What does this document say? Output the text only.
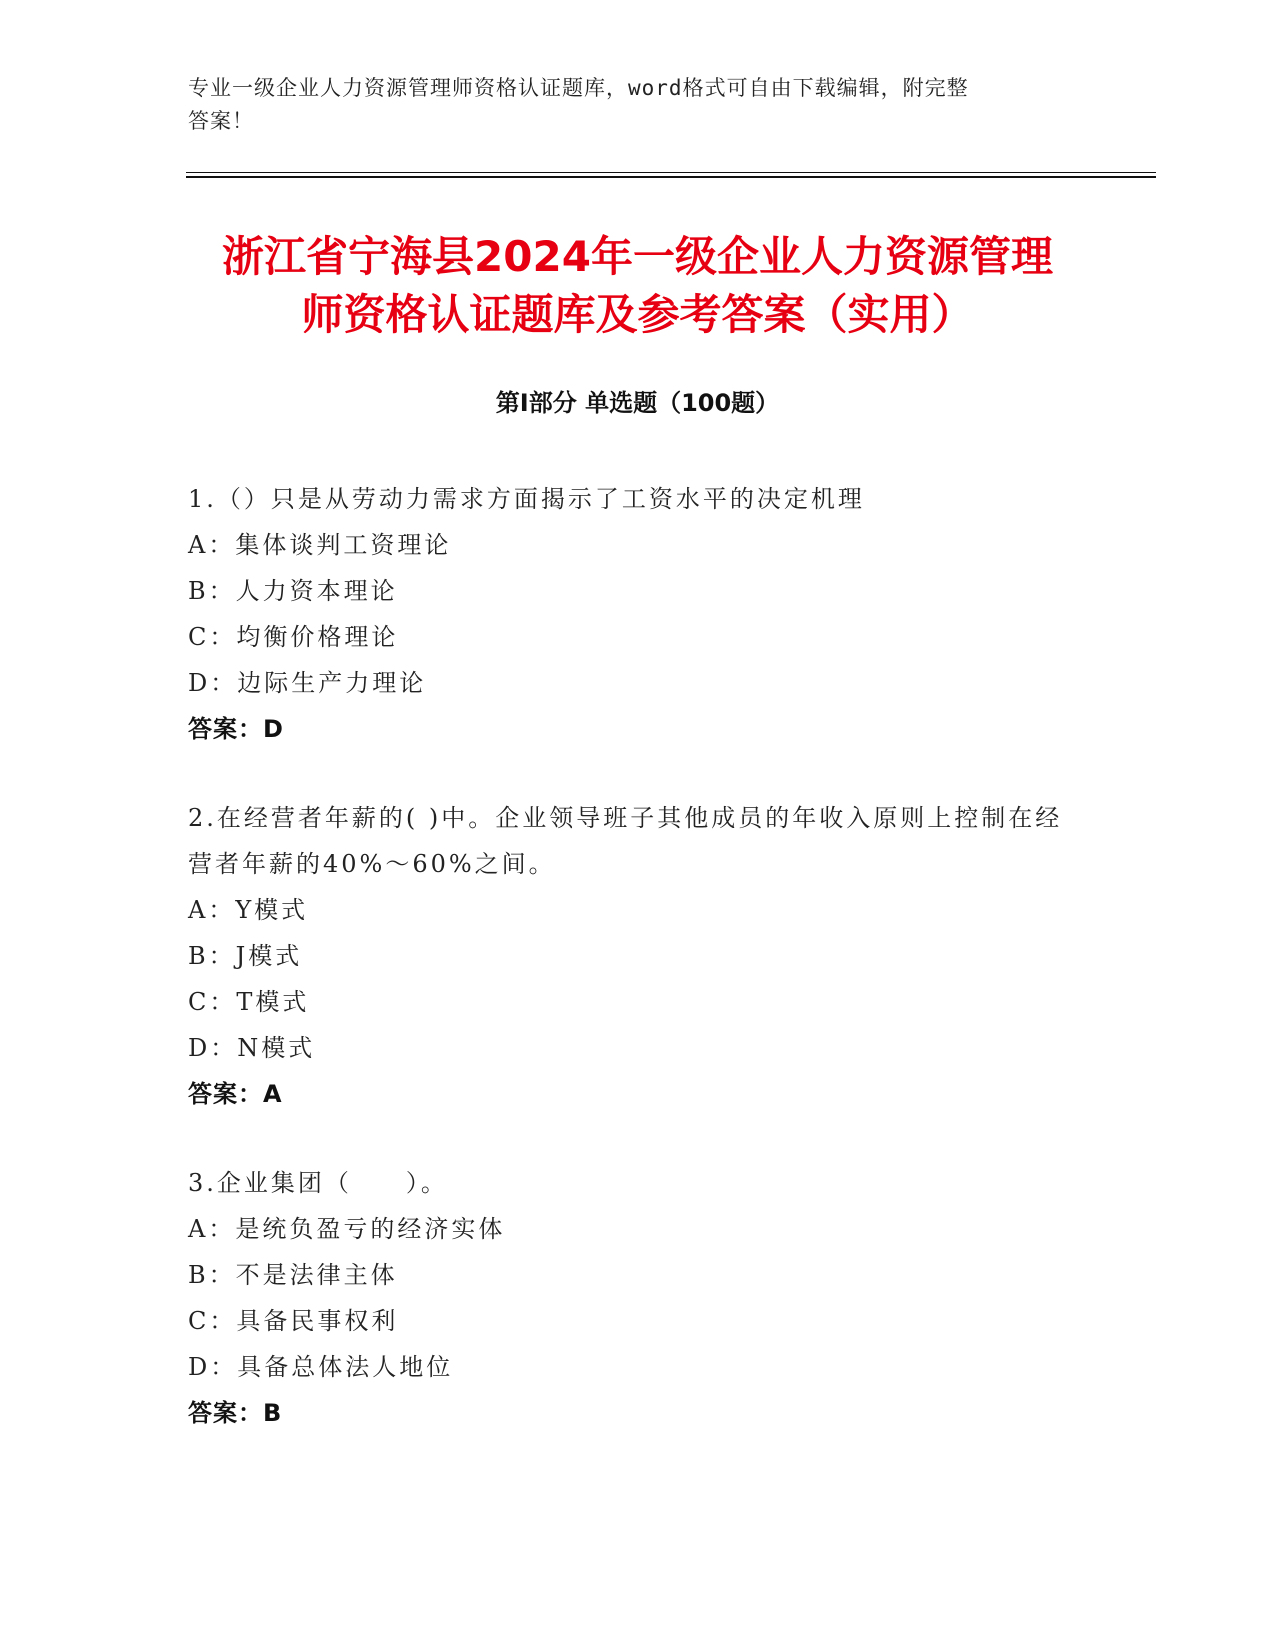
专业一级企业人力资源管理师资格认证题库，word格式可自由下载编辑，附完整
答案！
浙江省宁海县2024年一级企业人力资源管理
师资格认证题库及参考答案（实用）
第Ⅰ部分 单选题（100题）
1.（）只是从劳动力需求方面揭示了工资水平的决定机理
A：集体谈判工资理论
B：人力资本理论
C：均衡价格理论
D：边际生产力理论
答案：D
2.在经营者年薪的( )中。企业领导班子其他成员的年收入原则上控制在经营者年薪的40%～60%之间。
A：Y模式
B：J模式
C：T模式
D：N模式
答案：A
3.企业集团（　　）。
A：是统负盈亏的经济实体
B：不是法律主体
C：具备民事权利
D：具备总体法人地位
答案：B
